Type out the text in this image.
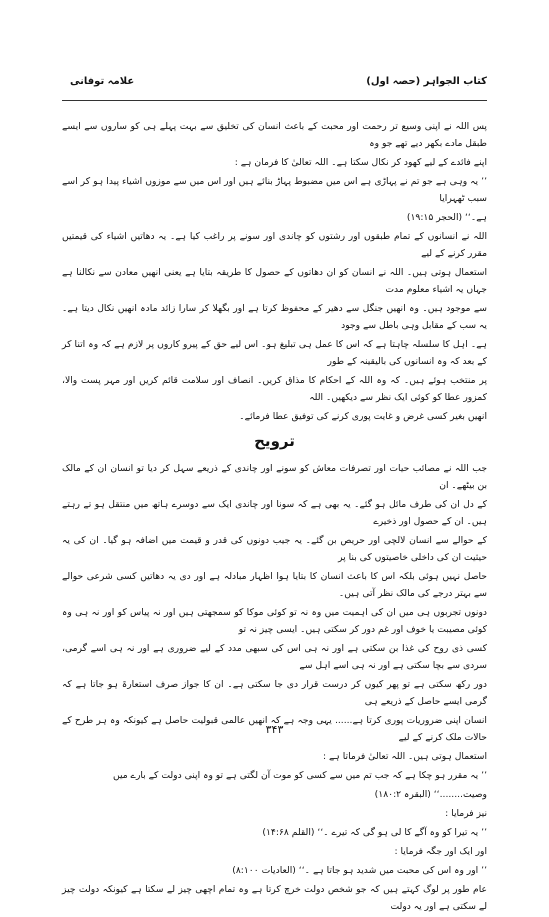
کتاب الجواہر (حصہ اول)
علامہ توفانی

پس اللہ نے اپنی وسیع تر رحمت اور محبت کے باعث انسان کی تخلیق سے بہت پہلے ہی کو ساروں سے ایسے طبقل مادے بکھر دیے تھے جو وہ

اپنے فائدے کے لیے کھود کر نکال سکتا ہے۔ اللہ تعالیٰ کا فرمان ہے :

’’ یہ وہی ہے جو تم نے پہاڑی ہے اس میں مضبوط پہاڑ بنائے ہیں اور اس میں سے موزوں اشیاء پیدا ہو کر اسے سبب ٹھہرایا

ہے۔‘‘ (الحجر ۱۹:۱۵)

اللہ نے انسانوں کے تمام طبقوں اور رشتوں کو چاندی اور سونے پر راغب کیا ہے۔ یہ دھاتیں اشیاء کی قیمتیں مقرر کرنے کے لیے

استعمال ہوتی ہیں۔ اللہ نے انسان کو ان دھاتوں کے حصول کا طریقہ بتایا ہے یعنی انھیں معادن سے نکالنا ہے جہاں یہ اشیاء معلوم مدت

سے موجود ہیں۔ وہ انھیں جنگل سے دھیر کے محفوظ کرتا ہے اور بگھلا کر سارا زائد مادہ انھیں نکال دیتا ہے۔ یہ سب کے مقابل وہی باطل سے وجود

ہے۔ اہل کا سلسلہ چاہتا ہے کہ اس کا عمل ہی تبلیغ ہو۔ اس لیے حق کے پیرو کاروں پر لازم ہے کہ وہ اتنا کر کے بعد کہ وہ انسانوں کی بالیقینہ کے طور

پر منتخب ہوئے ہیں۔ کہ وہ اللہ کے احکام کا مذاق کریں۔ انصاف اور سلامت قائم کریں اور مہر پست والا، کمزور عطا کو کوئی ایک نظر سے دیکھیں۔ اللہ

انھیں بغیر کسی غرض و غایت پوری کرنے کی توفیق عطا فرمائے۔

ترویح

جب اللہ نے مصائب حیات اور تصرفات معاش کو سونے اور چاندی کے ذریعے سہل کر دیا تو انسان ان کے مالک بن بیٹھے۔ ان

کے دل ان کی طرف مائل ہو گئے۔ یہ بھی ہے کہ سونا اور چاندی ایک سے دوسرے ہاتھ میں منتقل ہو تے رہتے ہیں۔ ان کے حصول اور ذخیرے

کے حوالے سے انسان لالچی اور حریص بن گئے۔ یہ جیب دونوں کی قدر و قیمت میں اضافہ ہو گیا۔ ان کی یہ حیثیت ان کی داخلی خاصیتوں کی بنا پر

حاصل نہیں ہوئی بلکہ اس کا باعث انسان کا بتایا ہوا اظہار مبادلہ ہے اور دی یہ دھاتیں کسی شرعی حوالے سے بہتر درجے کی مالک نظر آتی ہیں۔

دونوں تجربوں ہی میں ان کی اہمیت میں وہ نہ تو کوئی موکا کو سمجھتی ہیں اور نہ پیاس کو اور نہ ہی وہ کوئی مصیبت یا خوف اور غم دور کر سکتی ہیں۔ ایسی چیز نہ تو

کسی ذی روح کی غذا بن سکتی ہے اور نہ ہی اس کی سبھی مدد کے لیے ضروری ہے اور نہ ہی اسے گرمی، سردی سے بچا سکتی ہے اور نہ ہی اسے اہل سے

دور رکھ سکتی ہے تو پھر کیوں کر درست قرار دی جا سکتی ہے۔ ان کا جواز صرف استعارۃ ہو جاتا ہے کہ گرمی ایسے حاصل کے ذریعے ہی

انسان اپنی ضروریات پوری کرتا ہے...... یہی وجہ ہے کہ انھیں عالمی قبولیت حاصل ہے کیونکہ وہ ہر طرح کے حالات ملک کرنے کے لیے

استعمال ہوتی ہیں۔ اللہ تعالیٰ فرماتا ہے :

’’ یہ مقرر ہو چکا ہے کہ جب تم میں سے کسی کو موت آن لگتی ہے تو وہ اپنی دولت کے بارے میں

وصیت........‘‘ (البقرہ ۱۸۰:۲)

نیز فرمایا :

’’ یہ تیرا کو وہ آگے کا لی ہو گی کہ تیرے ۔‘‘ (القلم ۱۴:۶۸)

اور ایک اور جگہ فرمایا :

’’ اور وہ اس کی محبت میں شدید ہو جاتا ہے ۔‘‘ (العادیات ۸:۱۰۰)

عام طور پر لوگ کہتے ہیں کہ جو شخص دولت خرچ کرتا ہے وہ تمام اچھی چیز لے سکتا ہے کیونکہ دولت چیز لے سکتی ہے اور یہ دولت

۳۴۳
